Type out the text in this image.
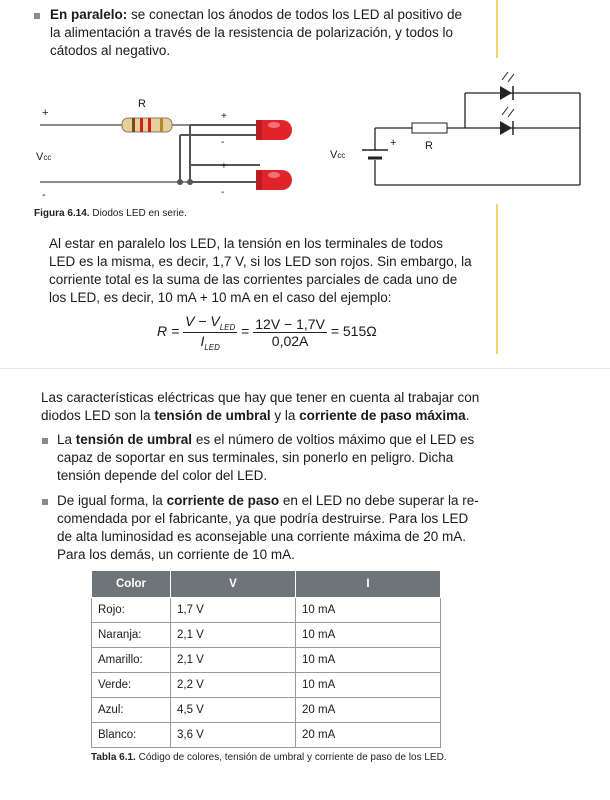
En paralelo: se conectan los ánodos de todos los LED al positivo de
la alimentación a través de la resistencia de polarización, y todos lo
cátodos al negativo.
+
R
Vcc
-
+
-
+
-
Vcc
+	R
Figura 6.14. Diodos LED en serie.
Al estar en paralelo los LED, la tensión en los terminales de todos
LED es la misma, es decir, 1,7 V, si los LED son rojos. Sin embargo, la
corriente total es la suma de las corrientes parciales de cada uno de
los LED, es decir, 10 mA + 10 mA en el caso del ejemplo:
$R = \frac{V - V_{LED}}{I_{LED}} = \frac{12V - 1,7V}{0,02A} = 515\Omega$
Las características eléctricas que hay que tener en cuenta al trabajar con
diodos LED son la tensión de umbral y la corriente de paso máxima.
La tensión de umbral es el número de voltios máximo que el LED es
capaz de soportar en sus terminales, sin ponerlo en peligro. Dicha
tensión depende del color del LED.
De igual forma, la corriente de paso en el LED no debe superar la re-
comendada por el fabricante, ya que podría destruirse. Para los LED
de alta luminosidad es aconsejable una corriente máxima de 20 mA.
Para los demás, un corriente de 10 mA.
Color	V	I
Rojo:	1,7 V	10 mA
Naranja:	2,1 V	10 mA
Amarillo:	2,1 V	10 mA
Verde:	2,2 V	10 mA
Azul:	4,5 V	20 mA
Blanco:	3,6 V	20 mA
Tabla 6.1. Código de colores, tensión de umbral y corriente de paso de los LED.
